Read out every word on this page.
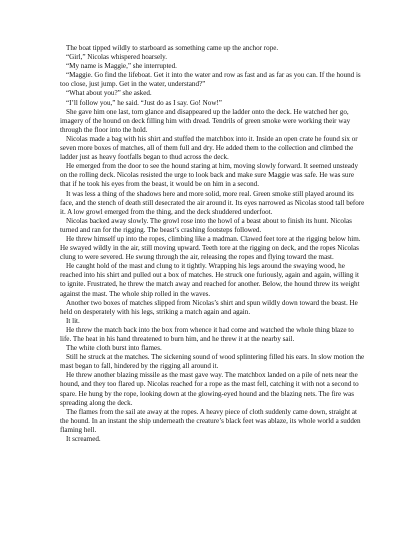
The boat tipped wildly to starboard as something came up the anchor rope.

“Girl,” Nicolas whispered hoarsely.

“My name is Maggie,” she interrupted.

“Maggie. Go find the lifeboat. Get it into the water and row as fast and as far as you can. If the hound is too close, just jump. Get in the water, understand?”

“What about you?” she asked.

“I’ll follow you,” he said. “Just do as I say. Go! Now!”

She gave him one last, torn glance and disappeared up the ladder onto the deck. He watched her go, imagery of the hound on deck filling him with dread. Tendrils of green smoke were working their way through the floor into the hold.

Nicolas made a bag with his shirt and stuffed the matchbox into it. Inside an open crate he found six or seven more boxes of matches, all of them full and dry. He added them to the collection and climbed the ladder just as heavy footfalls began to thud across the deck.

He emerged from the door to see the hound staring at him, moving slowly forward. It seemed unsteady on the rolling deck. Nicolas resisted the urge to look back and make sure Maggie was safe. He was sure that if he took his eyes from the beast, it would be on him in a second.

It was less a thing of the shadows here and more solid, more real. Green smoke still played around its face, and the stench of death still desecrated the air around it. Its eyes narrowed as Nicolas stood tall before it. A low growl emerged from the thing, and the deck shuddered underfoot.

Nicolas backed away slowly. The growl rose into the howl of a beast about to finish its hunt. Nicolas turned and ran for the rigging. The beast’s crashing footsteps followed.

He threw himself up into the ropes, climbing like a madman. Clawed feet tore at the rigging below him. He swayed wildly in the air, still moving upward. Teeth tore at the rigging on deck, and the ropes Nicolas clung to were severed. He swung through the air, releasing the ropes and flying toward the mast.

He caught hold of the mast and clung to it tightly. Wrapping his legs around the swaying wood, he reached into his shirt and pulled out a box of matches. He struck one furiously, again and again, willing it to ignite. Frustrated, he threw the match away and reached for another. Below, the hound threw its weight against the mast. The whole ship rolled in the waves.

Another two boxes of matches slipped from Nicolas’s shirt and spun wildly down toward the beast. He held on desperately with his legs, striking a match again and again.

It lit.

He threw the match back into the box from whence it had come and watched the whole thing blaze to life. The heat in his hand threatened to burn him, and he threw it at the nearby sail.

The white cloth burst into flames.

Still he struck at the matches. The sickening sound of wood splintering filled his ears. In slow motion the mast began to fall, hindered by the rigging all around it.

He threw another blazing missile as the mast gave way. The matchbox landed on a pile of nets near the hound, and they too flared up. Nicolas reached for a rope as the mast fell, catching it with not a second to spare. He hung by the rope, looking down at the glowing-eyed hound and the blazing nets. The fire was spreading along the deck.

The flames from the sail ate away at the ropes. A heavy piece of cloth suddenly came down, straight at the hound. In an instant the ship underneath the creature’s black feet was ablaze, its whole world a sudden flaming hell.

It screamed.
